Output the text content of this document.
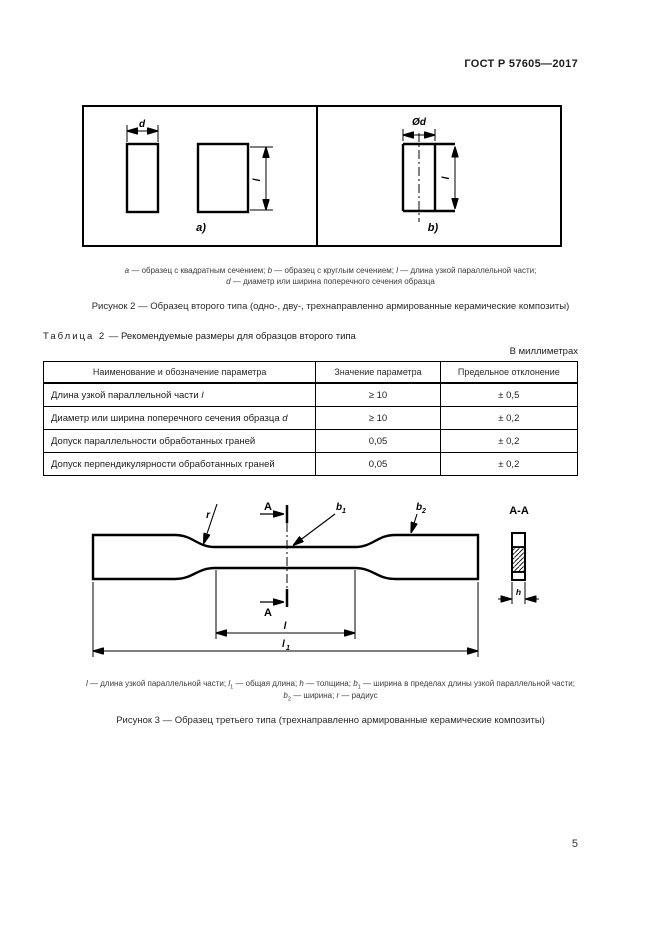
ГОСТ Р 57605—2017
d
l
a)
Ød
l
b)
a — образец с квадратным сечением; b — образец с круглым сечением; l — длина узкой параллельной части;
d — диаметр или ширина поперечного сечения образца
Рисунок 2 — Образец второго типа (одно-, дву-, трехнаправленно армированные керамические композиты)
Таблица 2 — Рекомендуемые размеры для образцов второго типа
В миллиметрах
Наименование и обозначение параметра	Значение параметра	Предельное отклонение
Длина узкой параллельной части l	≥ 10	± 0,5
Диаметр или ширина поперечного сечения образца d	≥ 10	± 0,2
Допуск параллельности обработанных граней	0,05	± 0,2
Допуск перпендикулярности обработанных граней	0,05	± 0,2
A
A
r
b 1	b 2
l
l 1
А-А
h
l — длина узкой параллельной части; $l_1$ — общая длина; h — толщина; $b_1$ — ширина в пределах длины узкой параллельной части;
$b_2$ — ширина; r — радиус
Рисунок 3 — Образец третьего типа (трехнаправленно армированные керамические композиты)
5
